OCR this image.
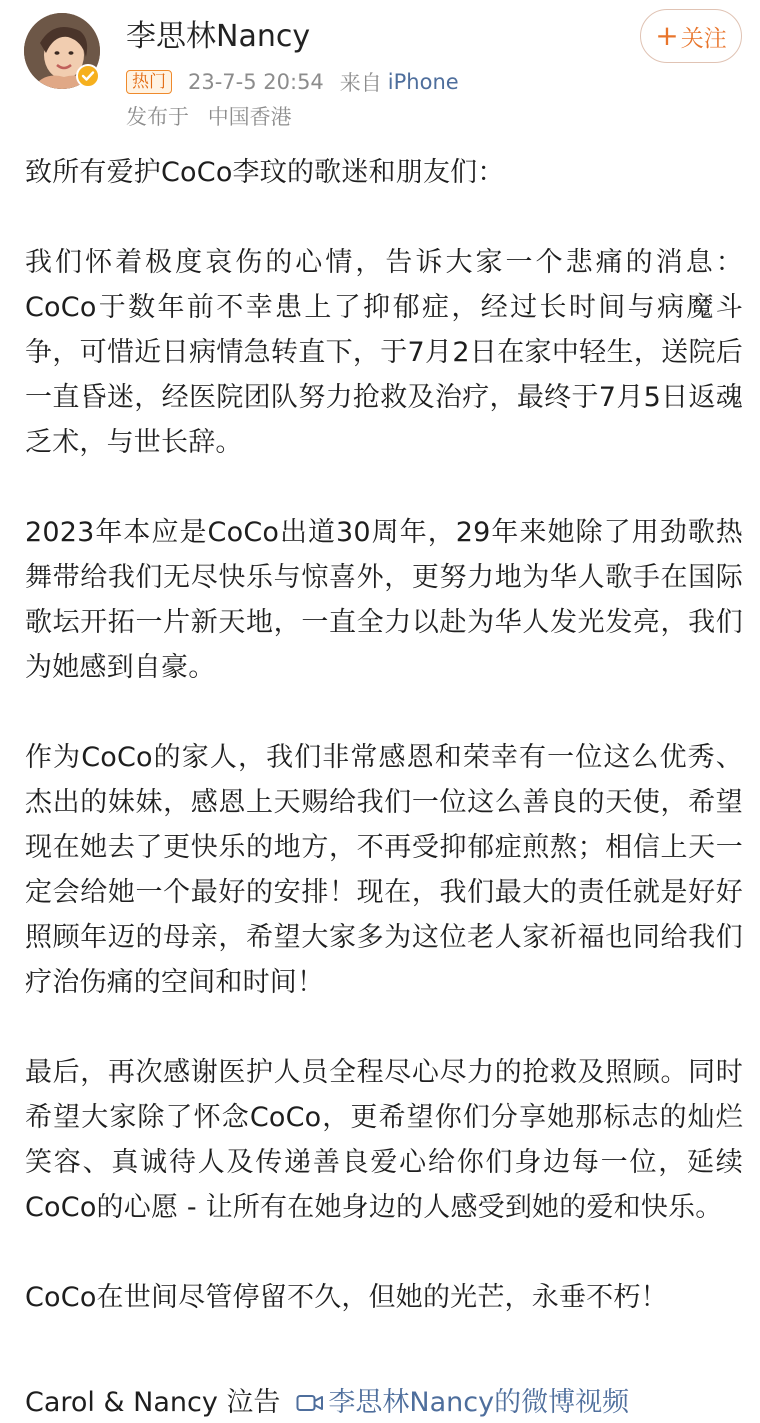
李思林Nancy
热门 23-7-5 20:54 来自 iPhone
发布于 中国香港
+ 关注

致所有爱护CoCo李玟的歌迷和朋友们：

我们怀着极度哀伤的心情，告诉大家一个悲痛的消息：CoCo于数年前不幸患上了抑郁症，经过长时间与病魔斗争，可惜近日病情急转直下，于7月2日在家中轻生，送院后一直昏迷，经医院团队努力抢救及治疗，最终于7月5日返魂乏术，与世长辞。

2023年本应是CoCo出道30周年，29年来她除了用劲歌热舞带给我们无尽快乐与惊喜外，更努力地为华人歌手在国际歌坛开拓一片新天地，一直全力以赴为华人发光发亮，我们为她感到自豪。

作为CoCo的家人，我们非常感恩和荣幸有一位这么优秀、杰出的妹妹，感恩上天赐给我们一位这么善良的天使，希望现在她去了更快乐的地方，不再受抑郁症煎熬；相信上天一定会给她一个最好的安排！现在，我们最大的责任就是好好照顾年迈的母亲，希望大家多为这位老人家祈福也同给我们疗治伤痛的空间和时间！

最后，再次感谢医护人员全程尽心尽力的抢救及照顾。同时希望大家除了怀念CoCo，更希望你们分享她那标志的灿烂笑容、真诚待人及传递善良爱心给你们身边每一位，延续CoCo的心愿 - 让所有在她身边的人感受到她的爱和快乐。

CoCo在世间尽管停留不久，但她的光芒，永垂不朽！

Carol & Nancy 泣告 李思林Nancy的微博视频
